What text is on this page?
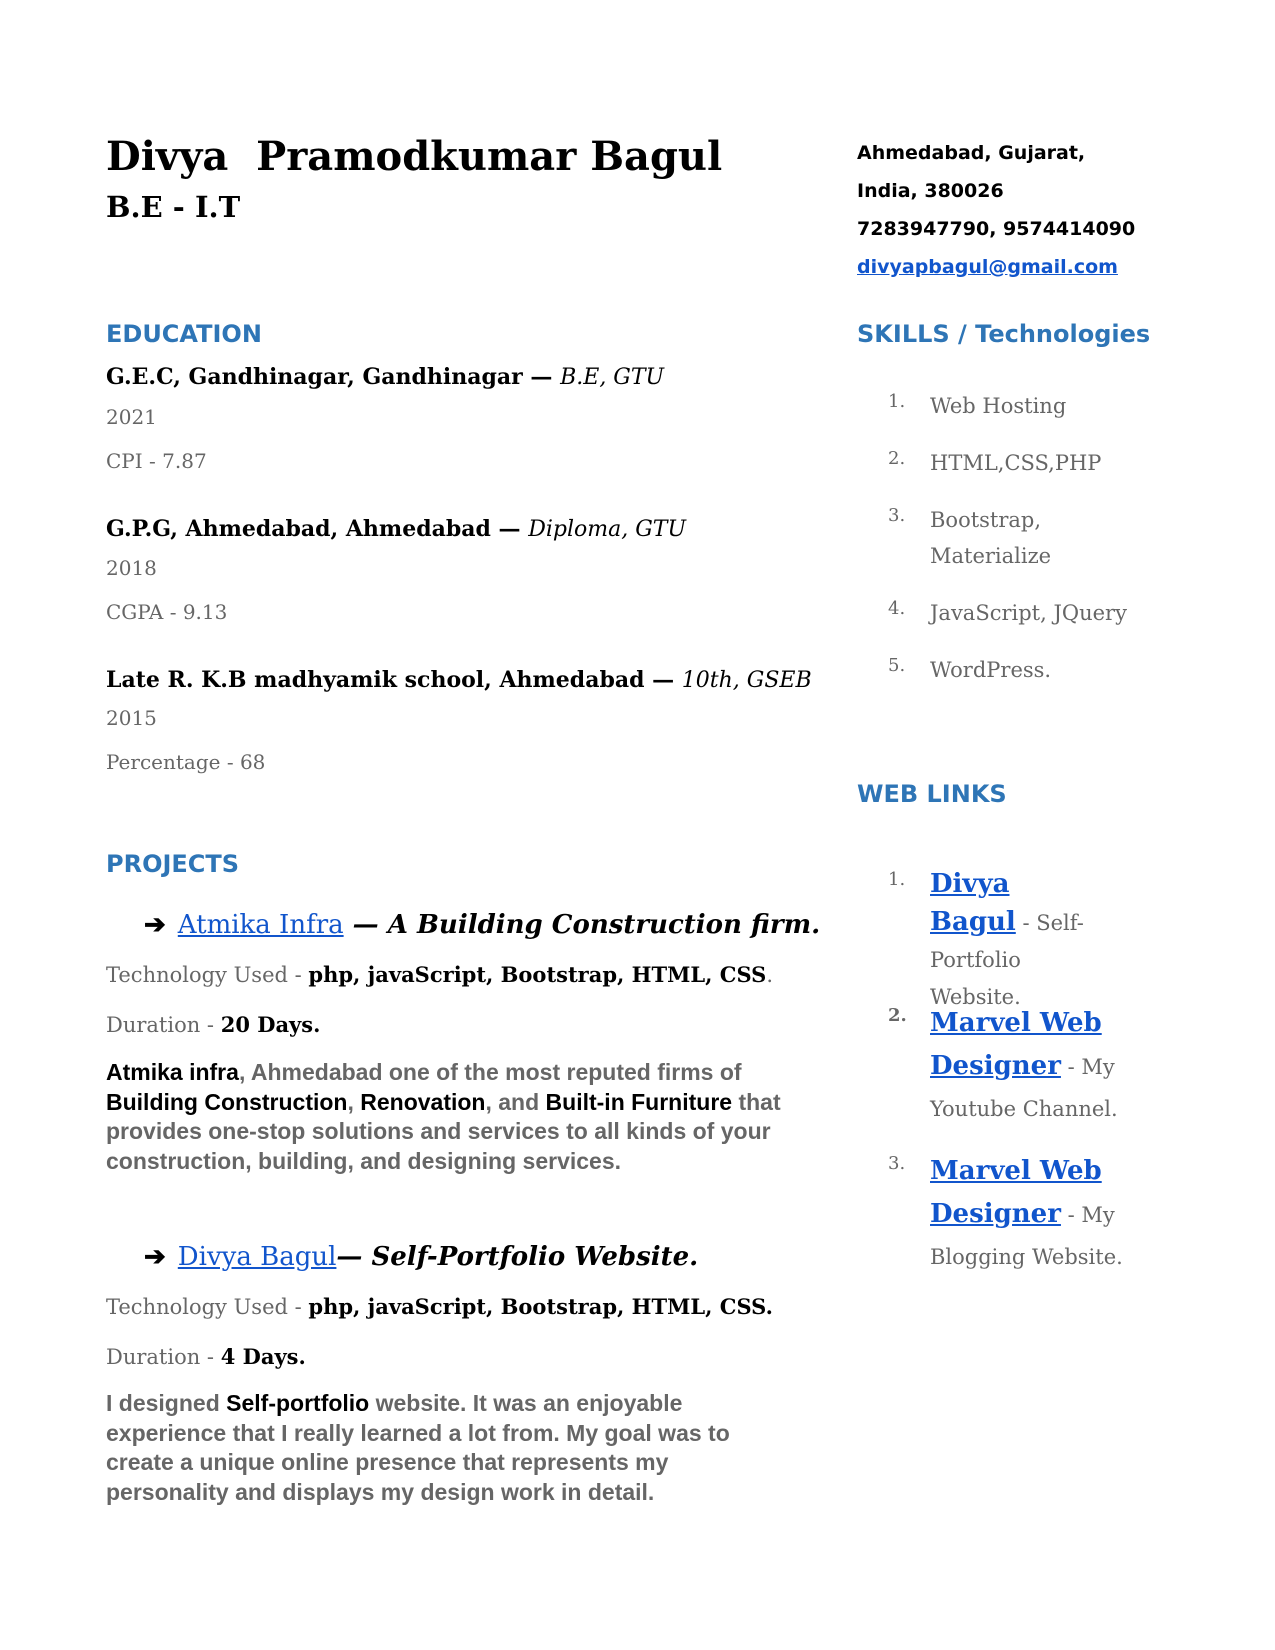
Divya  Pramodkumar Bagul
B.E - I.T
Ahmedabad, Gujarat,
India, 380026
7283947790, 9574414090
divyapbagul@gmail.com
EDUCATION
G.E.C, Gandhinagar, Gandhinagar — B.E, GTU
2021
CPI - 7.87
G.P.G, Ahmedabad, Ahmedabad — Diploma, GTU
2018
CGPA - 9.13
Late R. K.B madhyamik school, Ahmedabad — 10th, GSEB
2015
Percentage - 68
PROJECTS
➔ Atmika Infra — A Building Construction firm.
Technology Used - php, javaScript, Bootstrap, HTML, CSS.
Duration - 20 Days.
Atmika infra, Ahmedabad one of the most reputed firms of Building Construction, Renovation, and Built-in Furniture that provides one-stop solutions and services to all kinds of your construction, building, and designing services.
➔ Divya Bagul— Self-Portfolio Website.
Technology Used - php, javaScript, Bootstrap, HTML, CSS.
Duration - 4 Days.
I designed Self-portfolio website. It was an enjoyable experience that I really learned a lot from. My goal was to create a unique online presence that represents my personality and displays my design work in detail.
SKILLS / Technologies
1. Web Hosting
2. HTML,CSS,PHP
3. Bootstrap, Materialize
4. JavaScript, JQuery
5. WordPress.
WEB LINKS
1. Divya Bagul - Self-Portfolio Website.
2. Marvel Web Designer - My Youtube Channel.
3. Marvel Web Designer - My Blogging Website.
